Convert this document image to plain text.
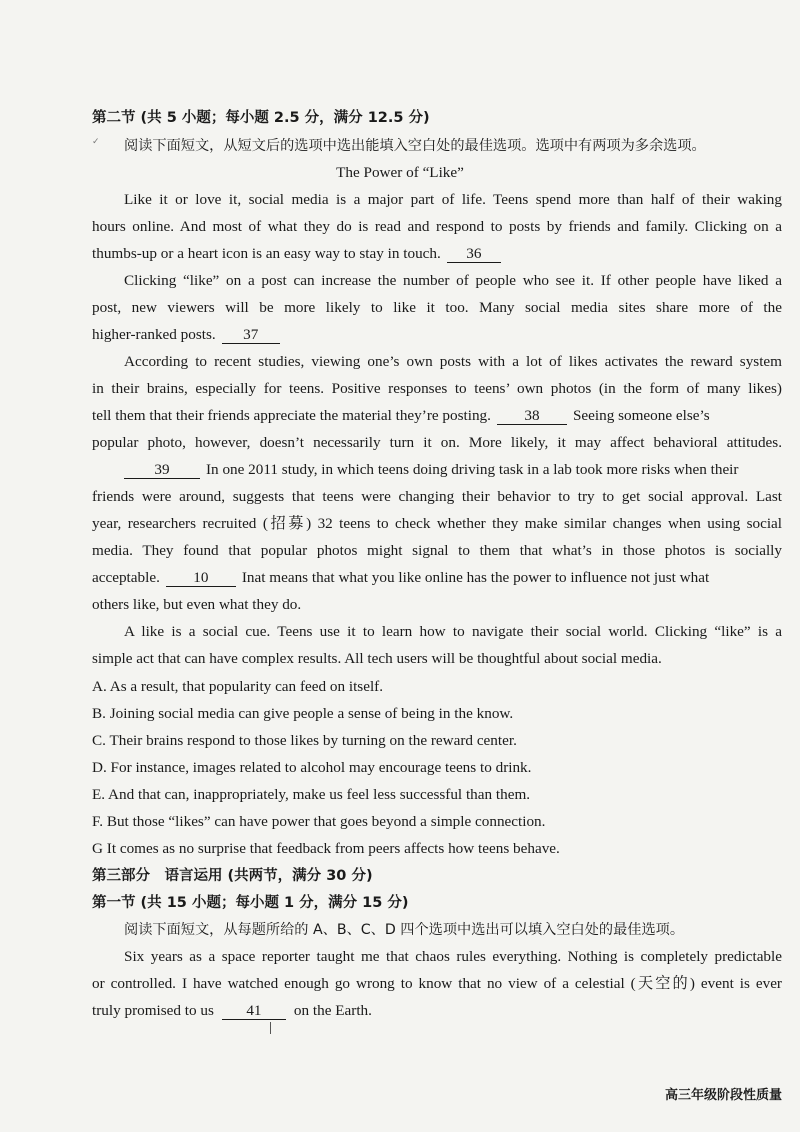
第二节 (共 5 小题；每小题 2.5 分，满分 12.5 分)
✓ 阅读下面短文，从短文后的选项中选出能填入空白处的最佳选项。选项中有两项为多余选项。
The Power of “Like”
Like it or love it, social media is a major part of life. Teens spend more than half of their waking
hours online. And most of what they do is read and respond to posts by friends and family. Clicking on a
thumbs-up or a heart icon is an easy way to stay in touch. 36
Clicking “like” on a post can increase the number of people who see it. If other people have liked a
post, new viewers will be more likely to like it too. Many social media sites share more of the
higher-ranked posts. 37
According to recent studies, viewing one’s own posts with a lot of likes activates the reward system
in their brains, especially for teens. Positive responses to teens’ own photos (in the form of many likes)
tell them that their friends appreciate the material they’re posting. 38 Seeing someone else’s
popular photo, however, doesn’t necessarily turn it on. More likely, it may affect behavioral attitudes.
39 In one 2011 study, in which teens doing driving task in a lab took more risks when their
friends were around, suggests that teens were changing their behavior to try to get social approval. Last
year, researchers recruited (招募) 32 teens to check whether they make similar changes when using social
media. They found that popular photos might signal to them that what’s in those photos is socially
acceptable. 10 Inat means that what you like online has the power to influence not just what
others like, but even what they do.
A like is a social cue. Teens use it to learn how to navigate their social world. Clicking “like” is a
simple act that can have complex results. All tech users will be thoughtful about social media.
A. As a result, that popularity can feed on itself.
B. Joining social media can give people a sense of being in the know.
C. Their brains respond to those likes by turning on the reward center.
D. For instance, images related to alcohol may encourage teens to drink.
E. And that can, inappropriately, make us feel less successful than them.
F. But those “likes” can have power that goes beyond a simple connection.
G It comes as no surprise that feedback from peers affects how teens behave.
第三部分　语言运用 (共两节，满分 30 分)
第一节 (共 15 小题；每小题 1 分，满分 15 分)
阅读下面短文，从每题所给的 A、B、C、D 四个选项中选出可以填入空白处的最佳选项。
Six years as a space reporter taught me that chaos rules everything. Nothing is completely predictable
or controlled. I have watched enough go wrong to know that no view of a celestial (天空的) event is ever
truly promised to us 41 on the Earth.
高三年级阶段性质量
